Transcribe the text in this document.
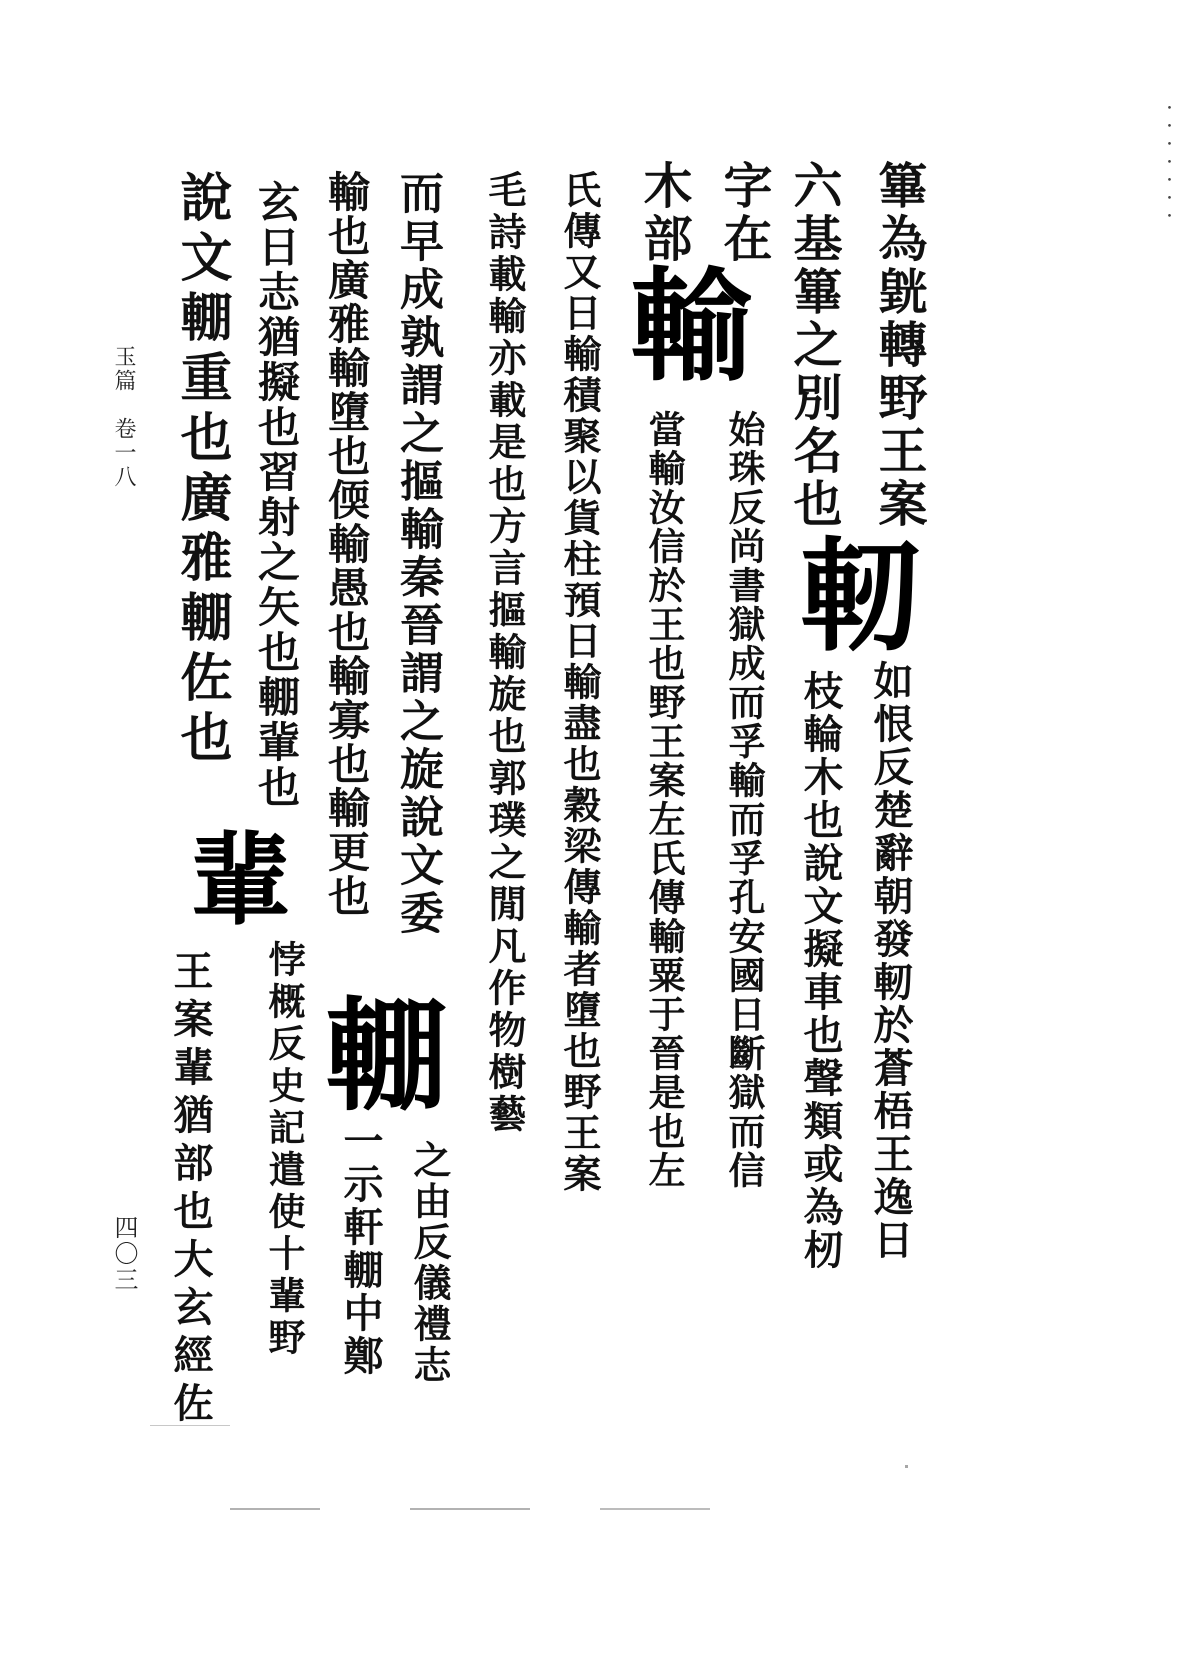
・・・・・・・
篳為皝轉野王案
六基篳之別名也
字在
木部
氏傳又日輸積聚以貨柱預日輸盡也穀梁傳輸者墮也野王案
毛詩載輸亦載是也方言摳輸旋也郭璞之閒凡作物樹藝
而早成孰謂之摳輸秦晉謂之旋說文委
輸也廣雅輸墮也偄輸愚也輸寡也輸更也
玄日志猶擬也習射之矢也輣軰也
說文輣重也廣雅輣佐也
如恨反楚辭朝發軔於蒼梧王逸日
枝輪木也說文擬車也聲類或為杒
始珠反尚書獄成而孚輸而孚孔安國日斷獄而信
當輸汝信於王也野王案左氏傳輸粟于晉是也左
之由反儀禮志
一示軒輣中鄭
悖概反史記遣使十輩野
王案輩猶部也大玄經佐
軔
輸
輣
輩
玉篇　卷一八
四〇三
